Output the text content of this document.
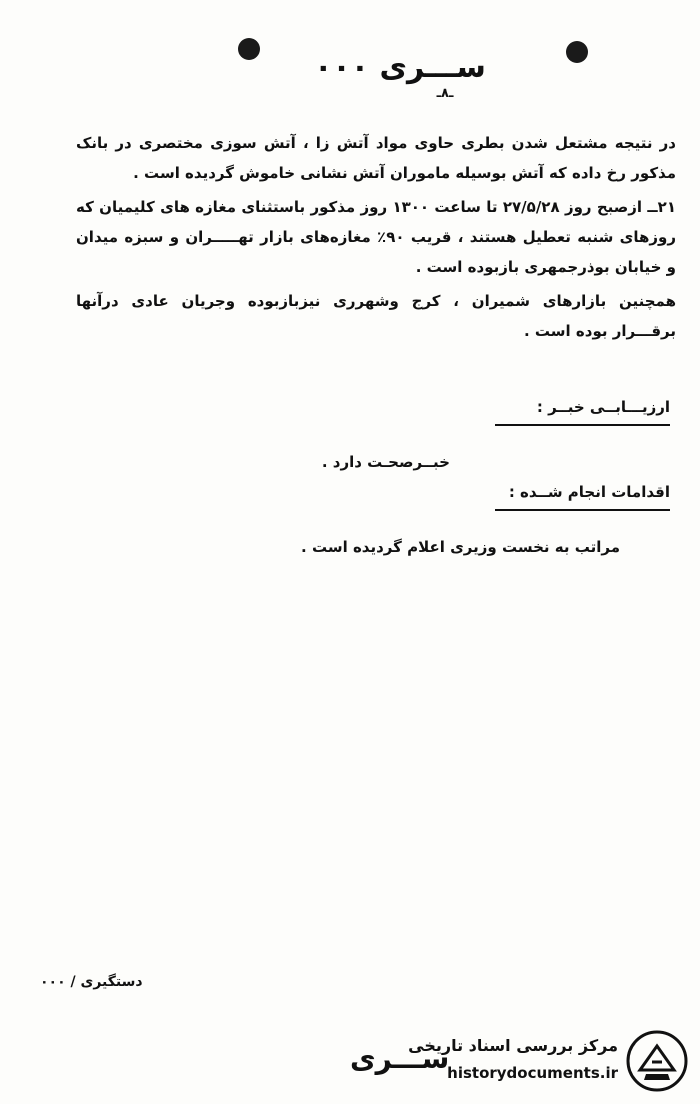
ســـری ۰۰۰
ـ۸ـ

در نتیجه مشتعل شدن بطری حاوی مواد آتش زا ، آتش سوزی مختصری در بانک مذکور رخ داده که آتش بوسیله ماموران آتش نشانی خاموش گردیده است .

۲۱ــ ازصبح روز ۲۷/۵/۲۸ تا ساعت ۱۳۰۰ روز مذکور باستثنای مغازه های کلیمیان که روزهای شنبه تعطیل هستند ، قریب ۹۰٪ مغازه‌های بازار تهـــــران و سبزه میدان و خیابان بوذرجمهری بازبوده است .

همچنین بازارهای شمیران ، کرج وشهرری نیزبازبوده وجریان عادی درآنها برقـــرار بوده است .

ارزیـــابــی خبــر :
خبــرصحـت دارد .
اقدامات انجام شــده :
مراتب به نخست وزیری اعلام گردیده است .
دستگیری / ۰۰۰
ســـری
مرکز بررسی اسناد تاریخی
historydocuments.ir
